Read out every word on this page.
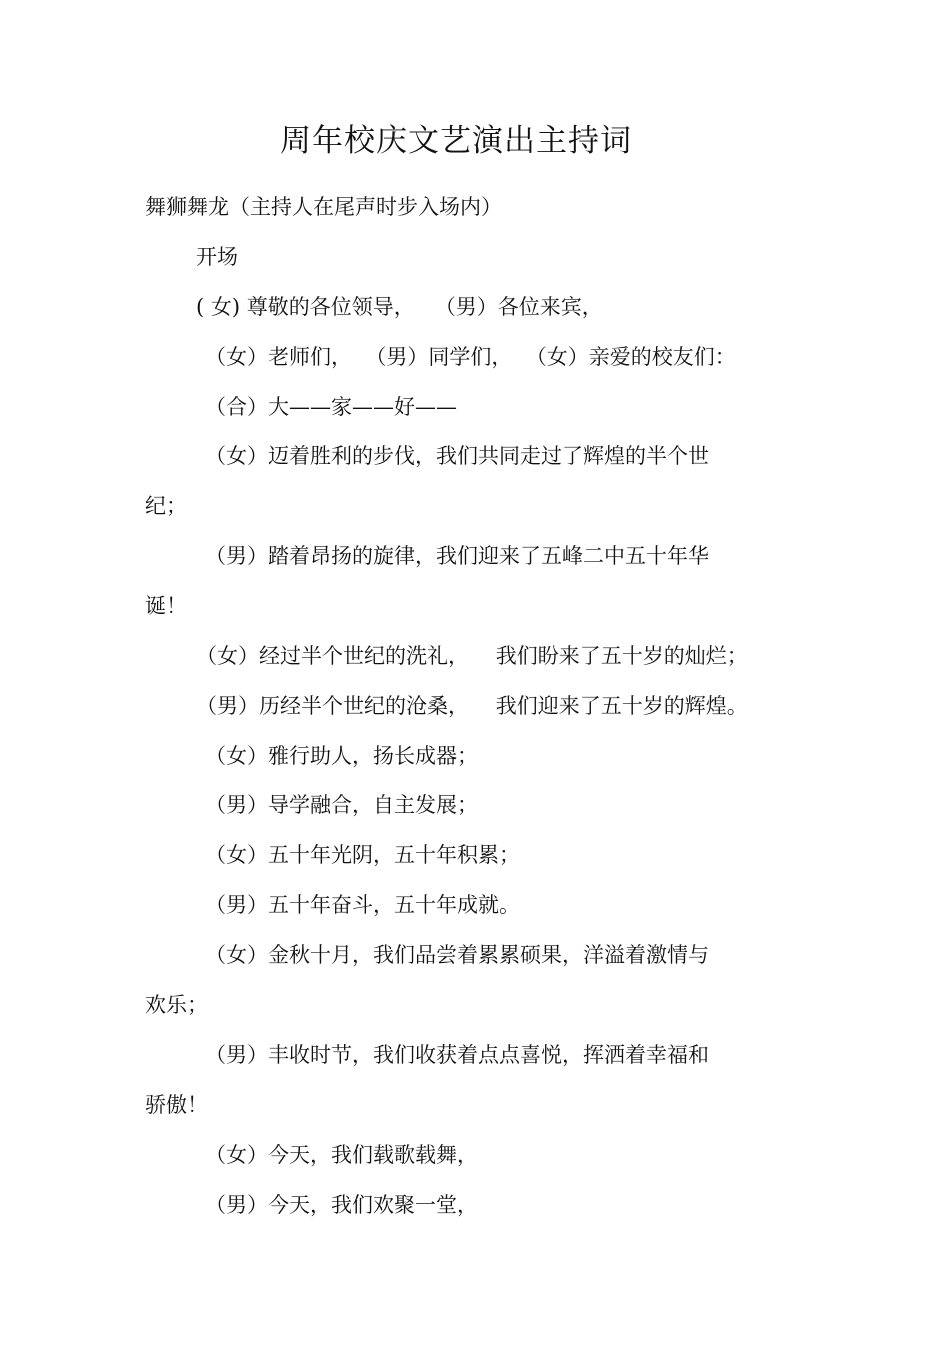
周年校庆文艺演出主持词

舞狮舞龙（主持人在尾声时步入场内）

开场

( 女) 尊敬的各位领导，   （男）各位来宾，

（女）老师们，  （男）同学们，  （女）亲爱的校友们：

（合）大——家——好——

（女）迈着胜利的步伐，我们共同走过了辉煌的半个世

纪；

（男）踏着昂扬的旋律，我们迎来了五峰二中五十年华

诞！

（女）经过半个世纪的洗礼，    我们盼来了五十岁的灿烂；

（男）历经半个世纪的沧桑，    我们迎来了五十岁的辉煌。

（女）雅行助人，扬长成器；

（男）导学融合，自主发展；

（女）五十年光阴，五十年积累；

（男）五十年奋斗，五十年成就。

（女）金秋十月，我们品尝着累累硕果，洋溢着激情与

欢乐；

（男）丰收时节，我们收获着点点喜悦，挥洒着幸福和

骄傲！

（女）今天，我们载歌载舞，

（男）今天，我们欢聚一堂，
